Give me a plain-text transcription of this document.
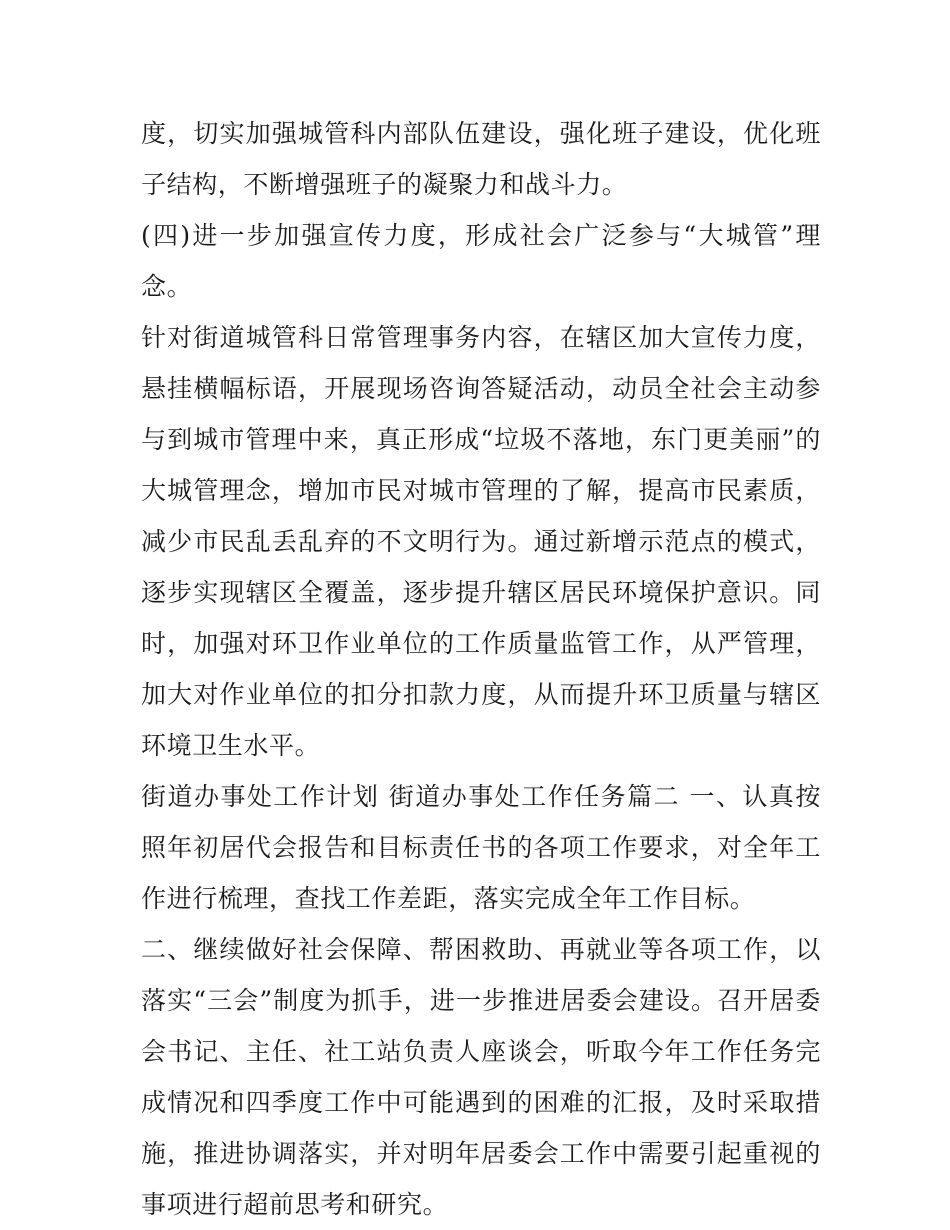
度，切实加强城管科内部队伍建设，强化班子建设，优化班子结构，不断增强班子的凝聚力和战斗力。

(四)进一步加强宣传力度，形成社会广泛参与“大城管”理念。

针对街道城管科日常管理事务内容，在辖区加大宣传力度，悬挂横幅标语，开展现场咨询答疑活动，动员全社会主动参与到城市管理中来，真正形成“垃圾不落地，东门更美丽”的大城管理念，增加市民对城市管理的了解，提高市民素质，减少市民乱丢乱弃的不文明行为。通过新增示范点的模式，逐步实现辖区全覆盖，逐步提升辖区居民环境保护意识。同时，加强对环卫作业单位的工作质量监管工作，从严管理，加大对作业单位的扣分扣款力度，从而提升环卫质量与辖区环境卫生水平。

街道办事处工作计划 街道办事处工作任务篇二 一、认真按照年初居代会报告和目标责任书的各项工作要求，对全年工作进行梳理，查找工作差距，落实完成全年工作目标。

二、继续做好社会保障、帮困救助、再就业等各项工作，以落实“三会”制度为抓手，进一步推进居委会建设。召开居委会书记、主任、社工站负责人座谈会，听取今年工作任务完成情况和四季度工作中可能遇到的困难的汇报，及时采取措施，推进协调落实，并对明年居委会工作中需要引起重视的事项进行超前思考和研究。
